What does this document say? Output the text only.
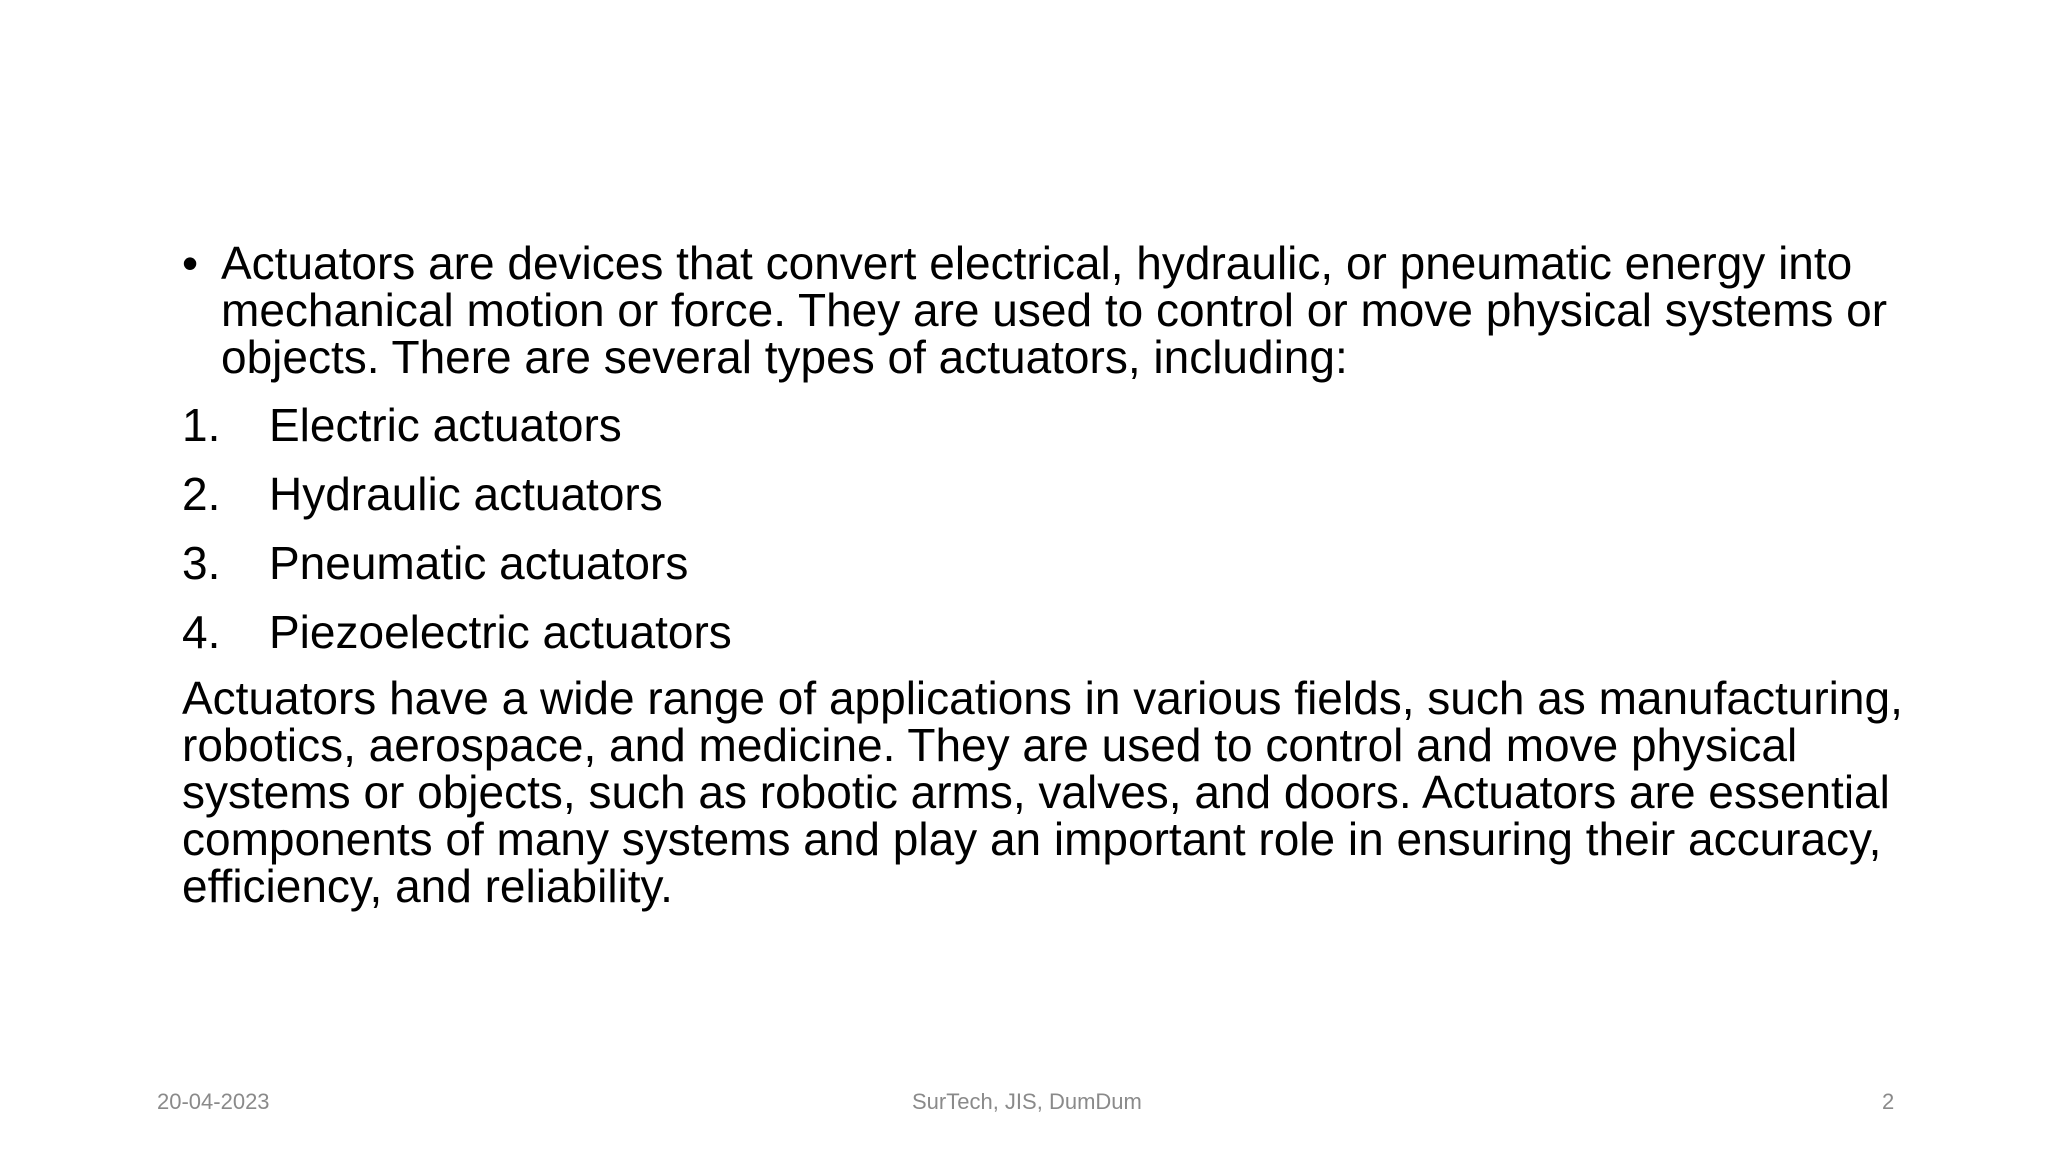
• Actuators are devices that convert electrical, hydraulic, or pneumatic energy into mechanical motion or force. They are used to control or move physical systems or objects. There are several types of actuators, including:
1. Electric actuators
2. Hydraulic actuators
3. Pneumatic actuators
4. Piezoelectric actuators
Actuators have a wide range of applications in various fields, such as manufacturing, robotics, aerospace, and medicine. They are used to control and move physical systems or objects, such as robotic arms, valves, and doors. Actuators are essential components of many systems and play an important role in ensuring their accuracy, efficiency, and reliability.
20-04-2023	SurTech, JIS, DumDum	2
